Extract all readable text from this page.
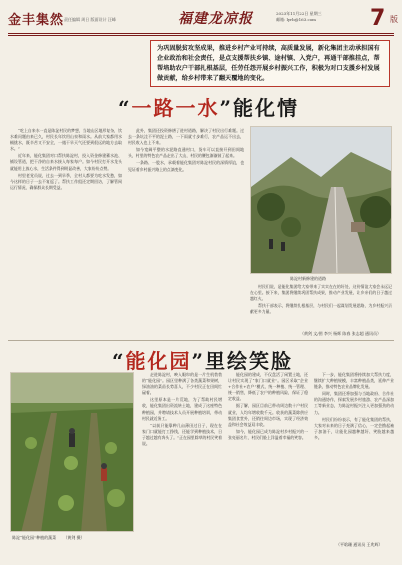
金丰集然 责任编辑 周日 版面设计 汪峰	福建龙凉报	2023年11月22日 星期三
邮箱: lyrb@163.com 7 版
为巩固脱贫攻坚成果，推进乡村产业可持续，高质量发展，新化集团主动承担国有企业政治和社会责任，是点支援帮扶乡镇、途村镇、入党户，再通干部推挂点，帮帮培助农户干部扎根基层，任劳任怨开展乡村振兴工作，积极为对口支援乡村发展做贡献，给乡村带来了翻天覆地的变化。
“一路一水”能化情

“吃上自来水一直是陈淀村民的梦想，当地山区地形复杂，饮水难问题由来已久，村民长年饮用山泉和雨水。从前大家都用水桶挑水，既辛苦又不安全，一遇干旱天气还要到很远的地方去取水。”

近年来，能化集团对口帮扶陈淀村，投入资金修建蓄水池、铺设管道，把干净的自来水接入每家每户。如今村民打开水龙头就能用上放心水，生活条件得到明显改善，大家纷纷点赞。

村里老党员说，过去一到旱季，全村人都要为吃水发愁，如今这样的日子一去不复返了。帮扶工作组还定期回访，了解管网运行情况，确保群众长期受益。

此外，集团还投资修缮了进村道路，解决了村民出行难题。过去一条坑洼不平的泥土路，一下雨就寸步难行，农产品运不出去，村民收入也上不来。

如今宽阔平整的水泥路直通村口，货车可以直接开到田间地头，村里的特色农产品走出了大山，村民的腰包渐渐鼓了起来。

一条路、一股水，承载着能化集团对陈淀村民的深情厚谊，也见证着乡村振兴路上的点滴变化。

陈淀村新修建的道路

村民们说，是能化集团给大家带来了实实在在的好处，这份情谊大家会永远记在心里。接下来，集团将继续巩固帮扶成果，推动产业发展，让乡亲们的日子越过越红火。

帮扶干部表示，将继续扎根基层，与村民们一起谋划发展思路，为乡村振兴贡献更多力量。

（黄剑 文/图 李兴 杨辉 陈春 张志超 通讯员）
“能化园”里绘笑脸
陈淀“能化园”种植的蔬菜 （黄剑 摄）

走进陈淀村，映入眼帘的是一片生机勃勃的“能化园”。园区里种满了各类蔬菜和果树，绿油油的菜苗长势喜人，不少村民正在田间忙碌着。

这里原本是一片荒地，为了帮助村民增收，能化集团出资流转土地，建成了这座特色种植园，并聘请技术人员开展种植培训，带动村民就近务工。

“以前只能靠种几亩薄田过日子，现在在家门口就能打工挣钱，还能学到种植技术，日子越过越有奔头了。”正在园里除草的村民笑着说。

能化园的建成，不仅盘活了闲置土地，还让村民实现了“家门口就业”。园区采取“企业+合作社+农户”模式，统一种植、统一管理、统一销售，降低了农户的种植风险，保证了稳定收益。

据了解，园区目前已带动周边数十户村民就业，人均年增收数千元。收获的蔬菜除供应集团食堂外，还销往周边市场，实现了经济效益和社会效益双丰收。

如今，能化园已成为陈淀村乡村振兴的一张亮丽名片，村民们脸上洋溢着幸福的笑容。

下一步，能化集团将持续加大帮扶力度，继续扩大种植规模，丰富种植品类，延伸产业链条，推动特色农业品牌化发展。

同时，集团还将加强与当地政府、合作社的沟通协作，探索发展乡村旅游、农产品深加工等新业态，为陈淀村振兴注入更加强劲的动力。

村民们纷纷表示，有了能化集团的帮扶，大家对未来的日子充满了信心，一定会撸起袖子加油干，让能化园越种越好、笑脸越来越多。

（平晗珊 通讯员 王兆辉）
